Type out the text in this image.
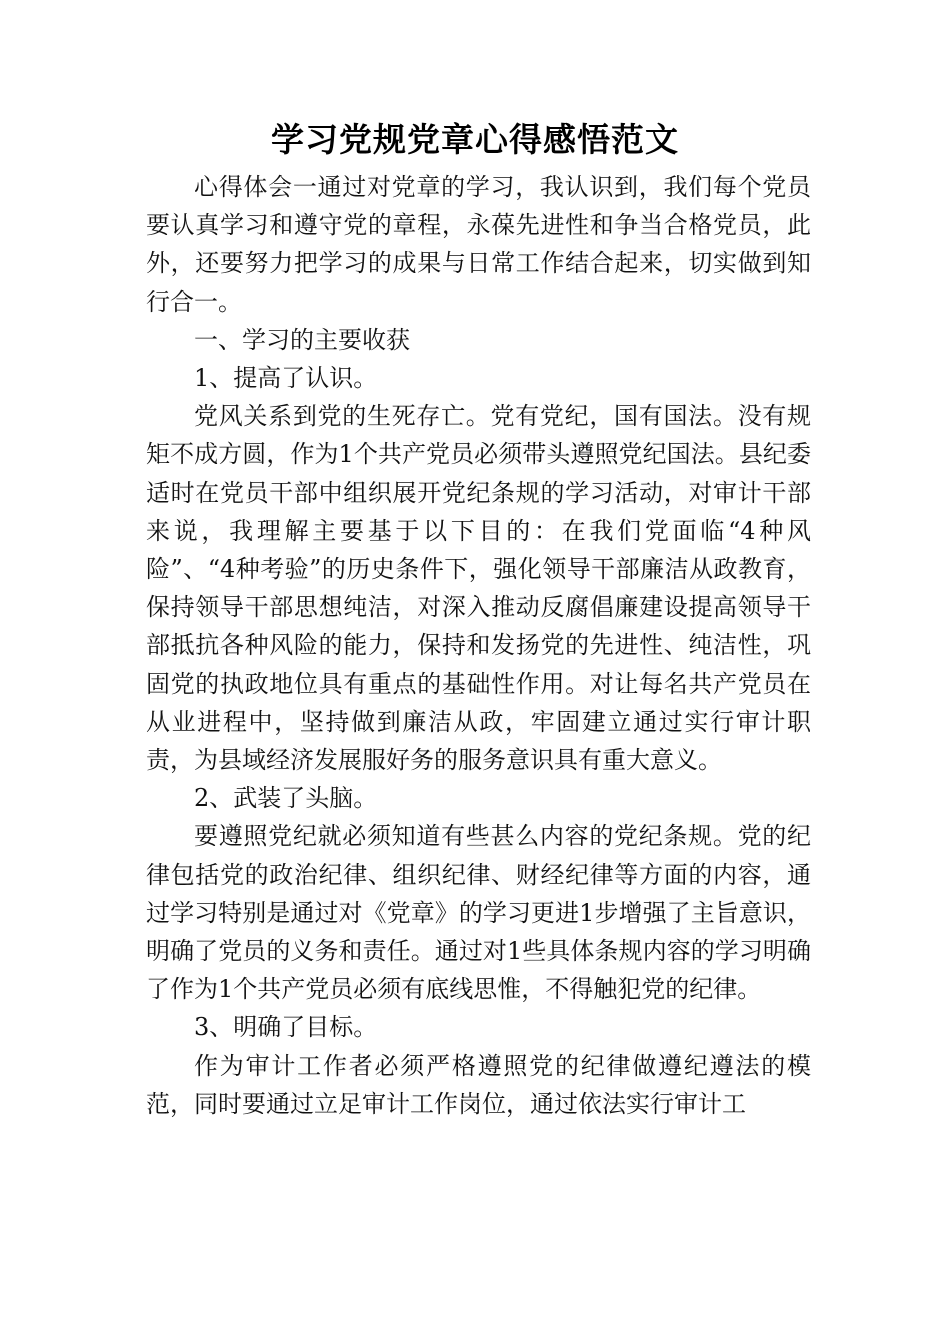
学习党规党章心得感悟范文

心得体会一通过对党章的学习，我认识到，我们每个党员要认真学习和遵守党的章程，永葆先进性和争当合格党员，此外，还要努力把学习的成果与日常工作结合起来，切实做到知行合一。

一、学习的主要收获

1、提高了认识。

党风关系到党的生死存亡。党有党纪，国有国法。没有规矩不成方圆，作为1个共产党员必须带头遵照党纪国法。县纪委适时在党员干部中组织展开党纪条规的学习活动，对审计干部来说，我理解主要基于以下目的：在我们党面临“4种风险”、“4种考验”的历史条件下，强化领导干部廉洁从政教育，保持领导干部思想纯洁，对深入推动反腐倡廉建设提高领导干部抵抗各种风险的能力，保持和发扬党的先进性、纯洁性，巩固党的执政地位具有重点的基础性作用。对让每名共产党员在从业进程中，坚持做到廉洁从政，牢固建立通过实行审计职责，为县域经济发展服好务的服务意识具有重大意义。

2、武装了头脑。

要遵照党纪就必须知道有些甚么内容的党纪条规。党的纪律包括党的政治纪律、组织纪律、财经纪律等方面的内容，通过学习特别是通过对《党章》的学习更进1步增强了主旨意识，明确了党员的义务和责任。通过对1些具体条规内容的学习明确了作为1个共产党员必须有底线思惟，不得触犯党的纪律。

3、明确了目标。

作为审计工作者必须严格遵照党的纪律做遵纪遵法的模范，同时要通过立足审计工作岗位，通过依法实行审计工
